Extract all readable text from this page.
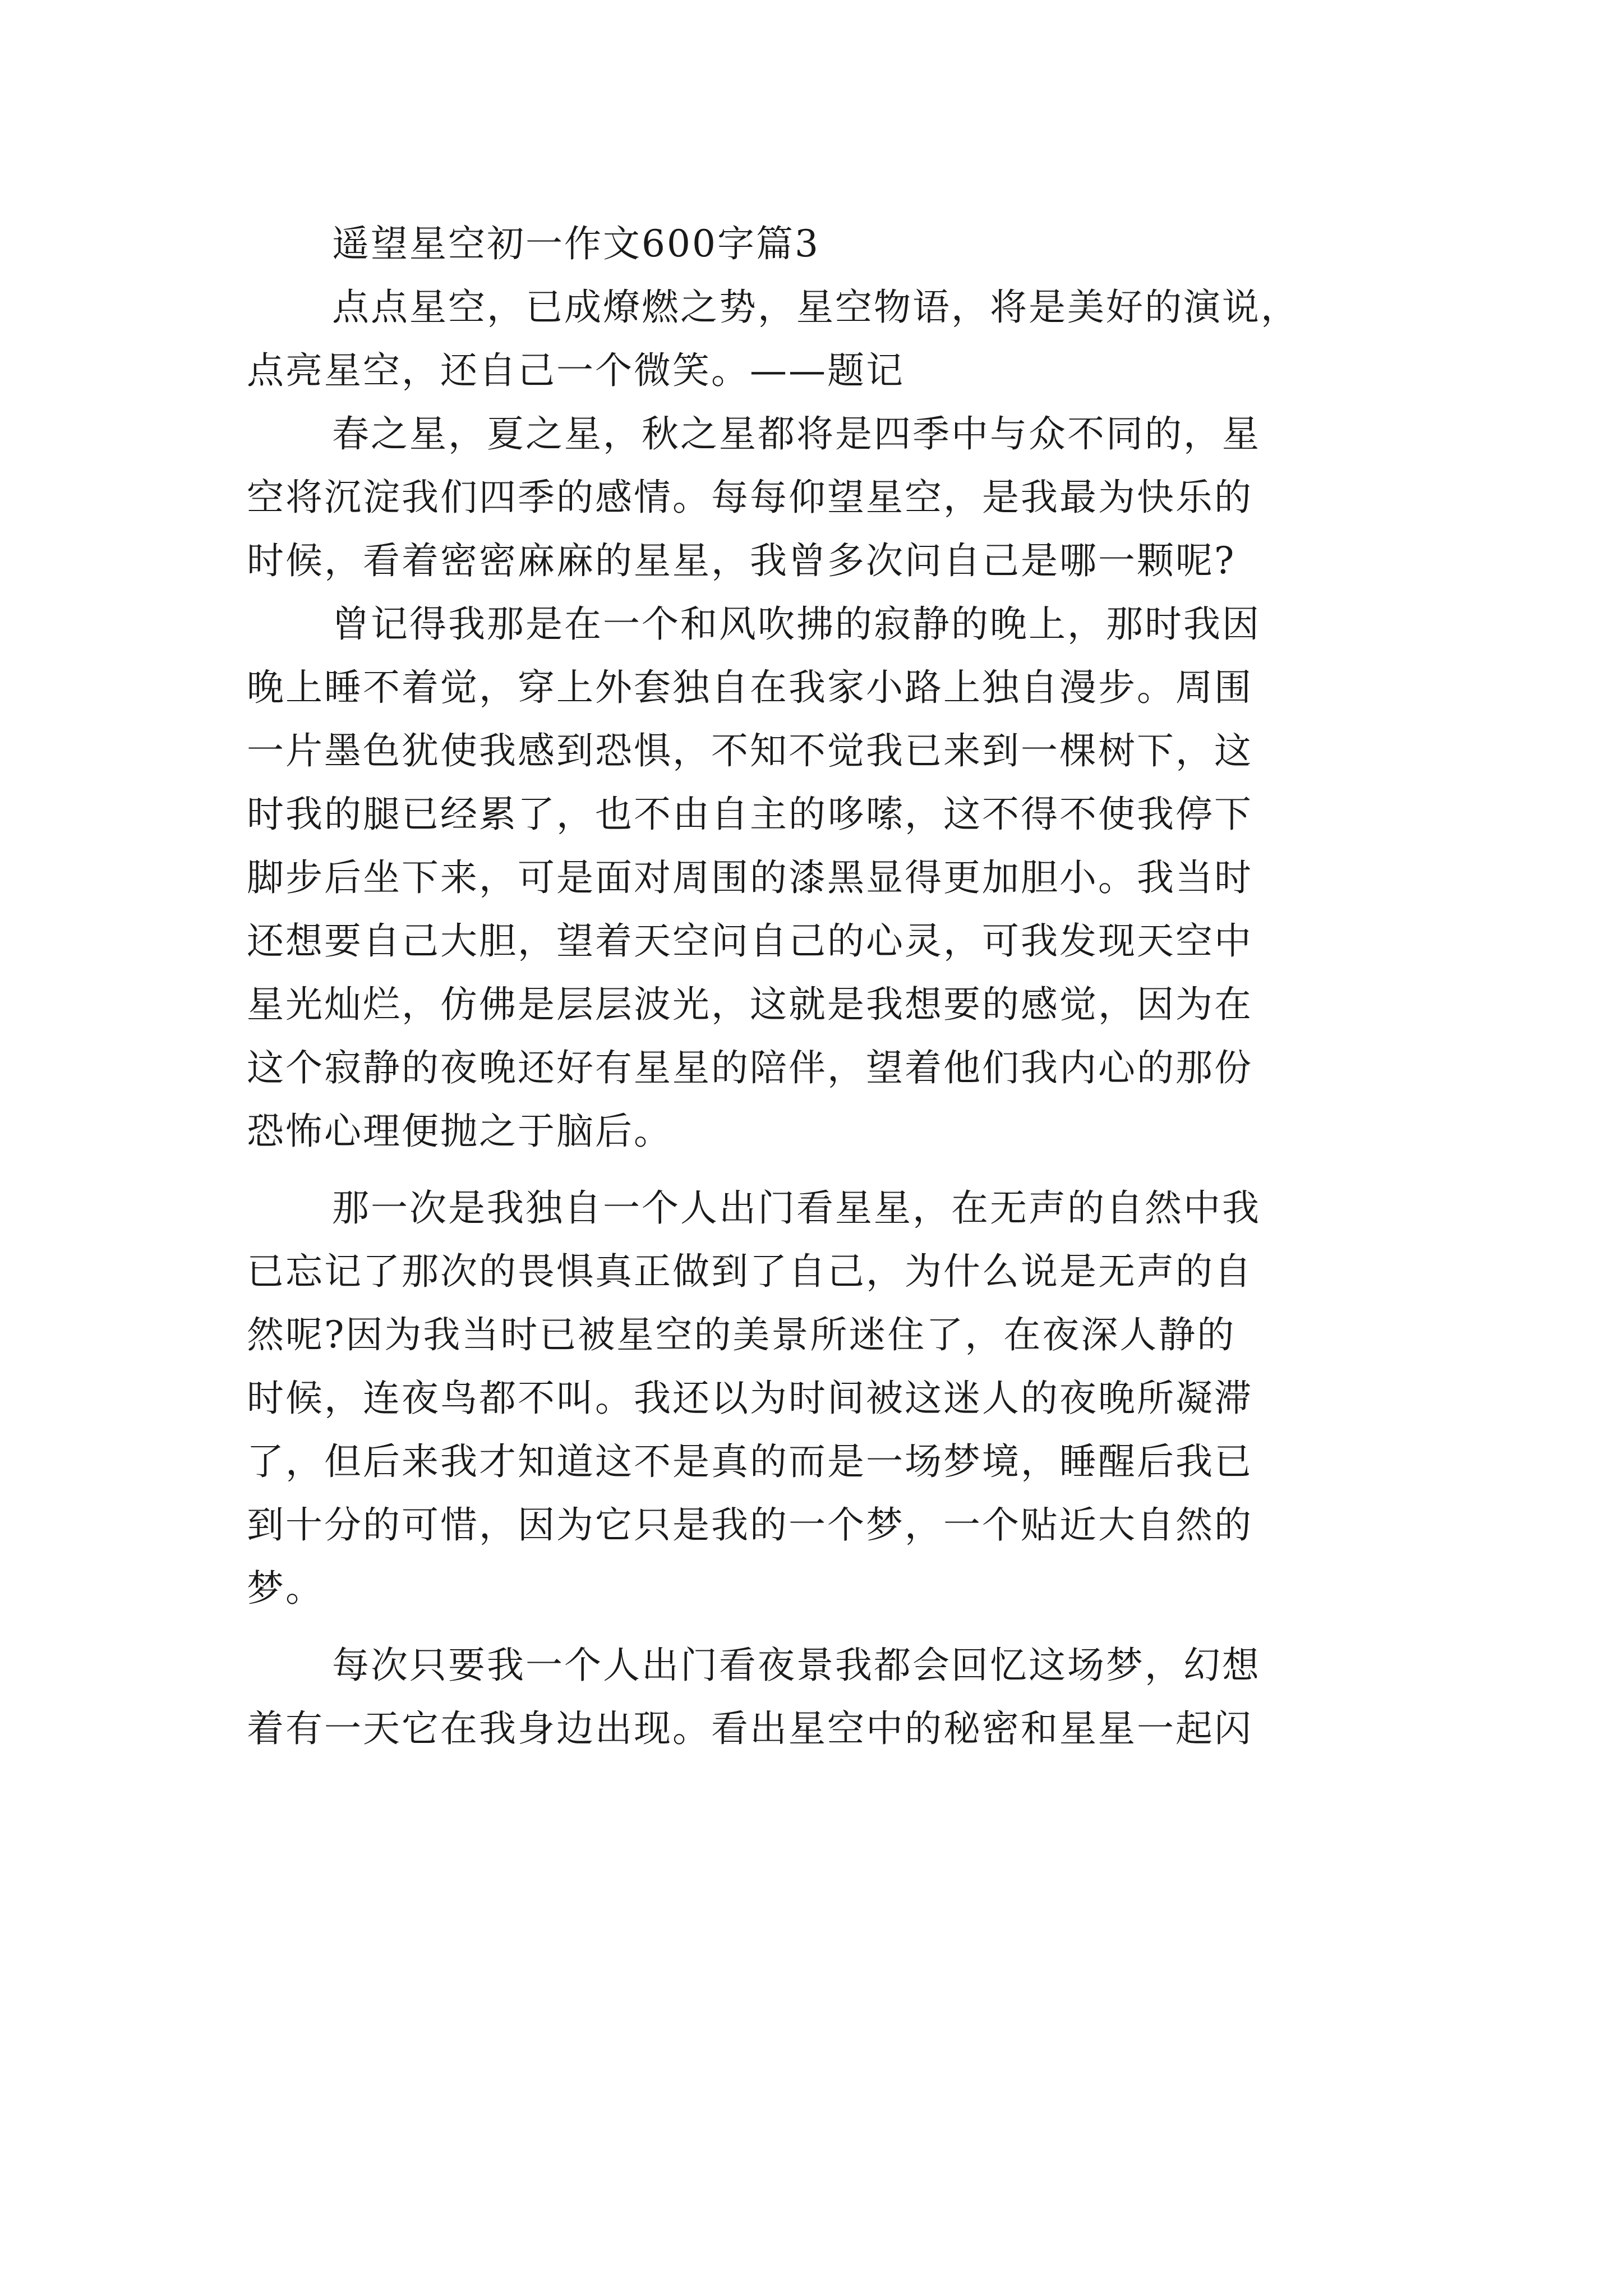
遥望星空初一作文600字篇3
点点星空，已成燎燃之势，星空物语，将是美好的演说，
点亮星空，还自己一个微笑。——题记
春之星，夏之星，秋之星都将是四季中与众不同的，星
空将沉淀我们四季的感情。每每仰望星空，是我最为快乐的
时候，看着密密麻麻的星星，我曾多次问自己是哪一颗呢?
曾记得我那是在一个和风吹拂的寂静的晚上，那时我因
晚上睡不着觉，穿上外套独自在我家小路上独自漫步。周围
一片墨色犹使我感到恐惧，不知不觉我已来到一棵树下，这
时我的腿已经累了，也不由自主的哆嗦，这不得不使我停下
脚步后坐下来，可是面对周围的漆黑显得更加胆小。我当时
还想要自己大胆，望着天空问自己的心灵，可我发现天空中
星光灿烂，仿佛是层层波光，这就是我想要的感觉，因为在
这个寂静的夜晚还好有星星的陪伴，望着他们我内心的那份
恐怖心理便抛之于脑后。
那一次是我独自一个人出门看星星，在无声的自然中我
已忘记了那次的畏惧真正做到了自己，为什么说是无声的自
然呢?因为我当时已被星空的美景所迷住了，在夜深人静的
时候，连夜鸟都不叫。我还以为时间被这迷人的夜晚所凝滞
了，但后来我才知道这不是真的而是一场梦境，睡醒后我已
到十分的可惜，因为它只是我的一个梦，一个贴近大自然的
梦。
每次只要我一个人出门看夜景我都会回忆这场梦，幻想
着有一天它在我身边出现。看出星空中的秘密和星星一起闪
